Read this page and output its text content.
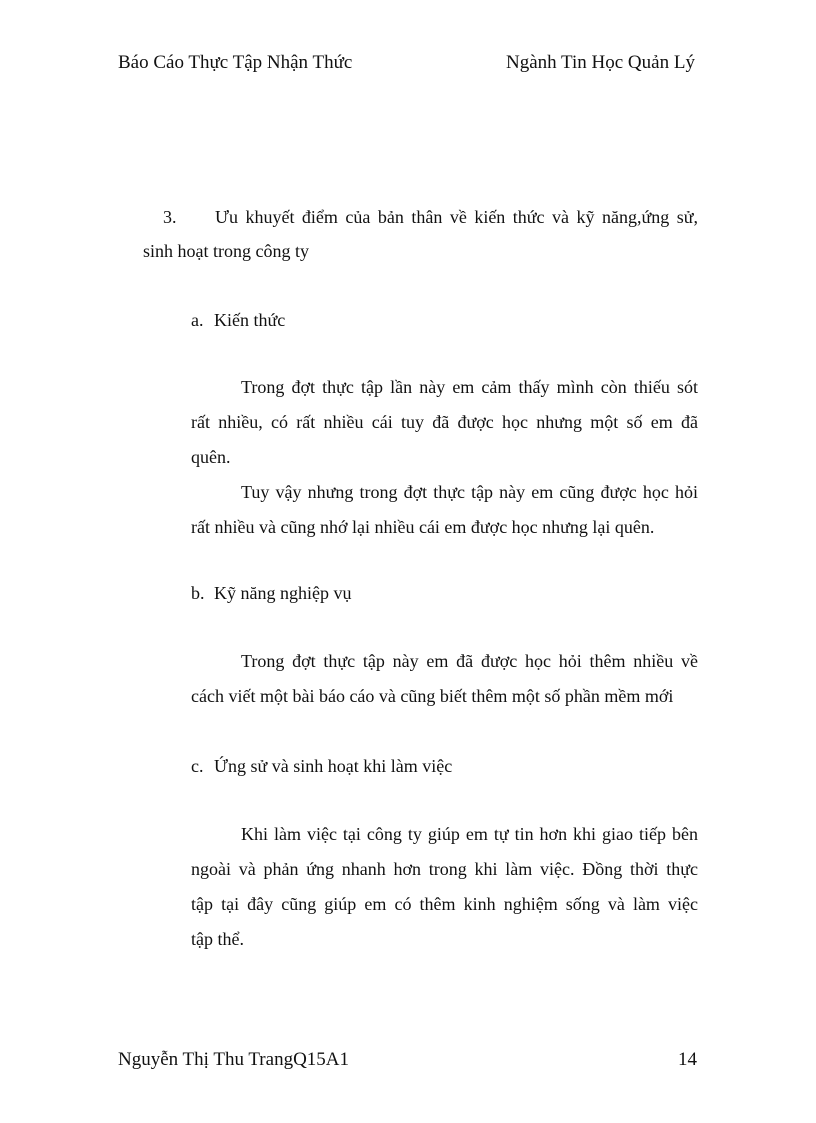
Báo Cáo Thực Tập Nhận Thức	Ngành Tin Học Quản Lý

3. Ưu khuyết điểm của bản thân về kiến thức và kỹ năng,ứng sử,

sinh hoạt trong công ty

a. Kiến thức

Trong đợt thực tập lần này em cảm thấy mình còn thiếu sót
rất nhiều, có rất nhiều cái tuy đã được học nhưng một số em đã
quên.
Tuy vậy nhưng trong đợt thực tập này em cũng được học hỏi
rất nhiều và cũng nhớ lại nhiều cái em được học nhưng lại quên.

b. Kỹ năng nghiệp vụ

Trong đợt thực tập này em đã được học hỏi thêm nhiều về
cách viết một bài báo cáo và cũng biết thêm một số phần mềm mới

c. Ứng sử và sinh hoạt khi làm việc

Khi làm việc tại công ty giúp em tự tin hơn khi giao tiếp bên
ngoài và phản ứng nhanh hơn trong khi làm việc. Đồng thời thực
tập tại đây cũng giúp em có thêm kinh nghiệm sống và làm việc
tập thể.

Nguyễn Thị Thu TrangQ15A1	14
